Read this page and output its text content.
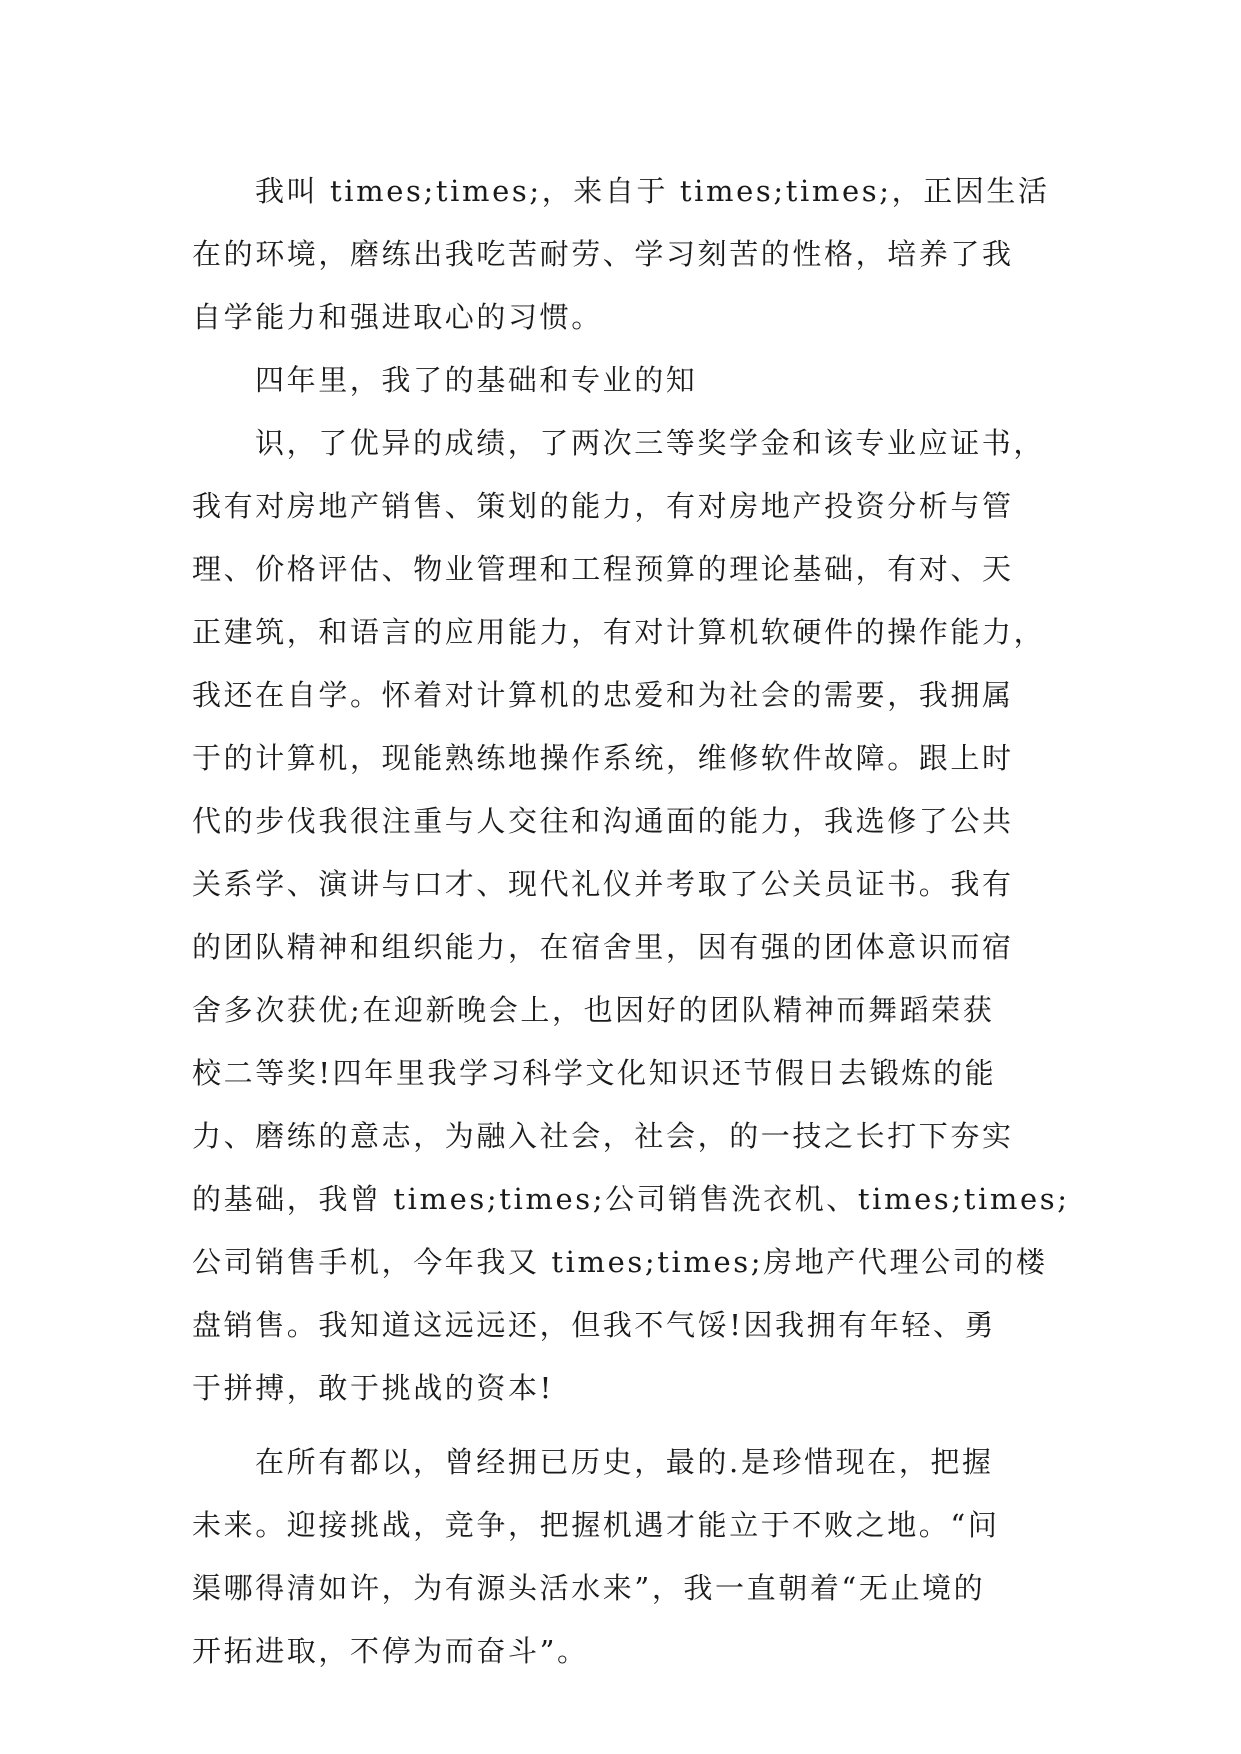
我叫 times;times;，来自于 times;times;，正因生活
在的环境，磨练出我吃苦耐劳、学习刻苦的性格，培养了我
自学能力和强进取心的习惯。
四年里，我了的基础和专业的知
识，了优异的成绩，了两次三等奖学金和该专业应证书，
我有对房地产销售、策划的能力，有对房地产投资分析与管
理、价格评估、物业管理和工程预算的理论基础，有对、天
正建筑，和语言的应用能力，有对计算机软硬件的操作能力，
我还在自学。怀着对计算机的忠爱和为社会的需要，我拥属
于的计算机，现能熟练地操作系统，维修软件故障。跟上时
代的步伐我很注重与人交往和沟通面的能力，我选修了公共
关系学、演讲与口才、现代礼仪并考取了公关员证书。我有
的团队精神和组织能力，在宿舍里，因有强的团体意识而宿
舍多次获优;在迎新晚会上，也因好的团队精神而舞蹈荣获
校二等奖!四年里我学习科学文化知识还节假日去锻炼的能
力、磨练的意志，为融入社会，社会，的一技之长打下夯实
的基础，我曾 times;times;公司销售洗衣机、times;times;
公司销售手机，今年我又 times;times;房地产代理公司的楼
盘销售。我知道这远远还，但我不气馁!因我拥有年轻、勇
于拼搏，敢于挑战的资本!
在所有都以，曾经拥已历史，最的.是珍惜现在，把握
未来。迎接挑战，竞争，把握机遇才能立于不败之地。“问
渠哪得清如许，为有源头活水来”，我一直朝着“无止境的
开拓进取，不停为而奋斗”。
